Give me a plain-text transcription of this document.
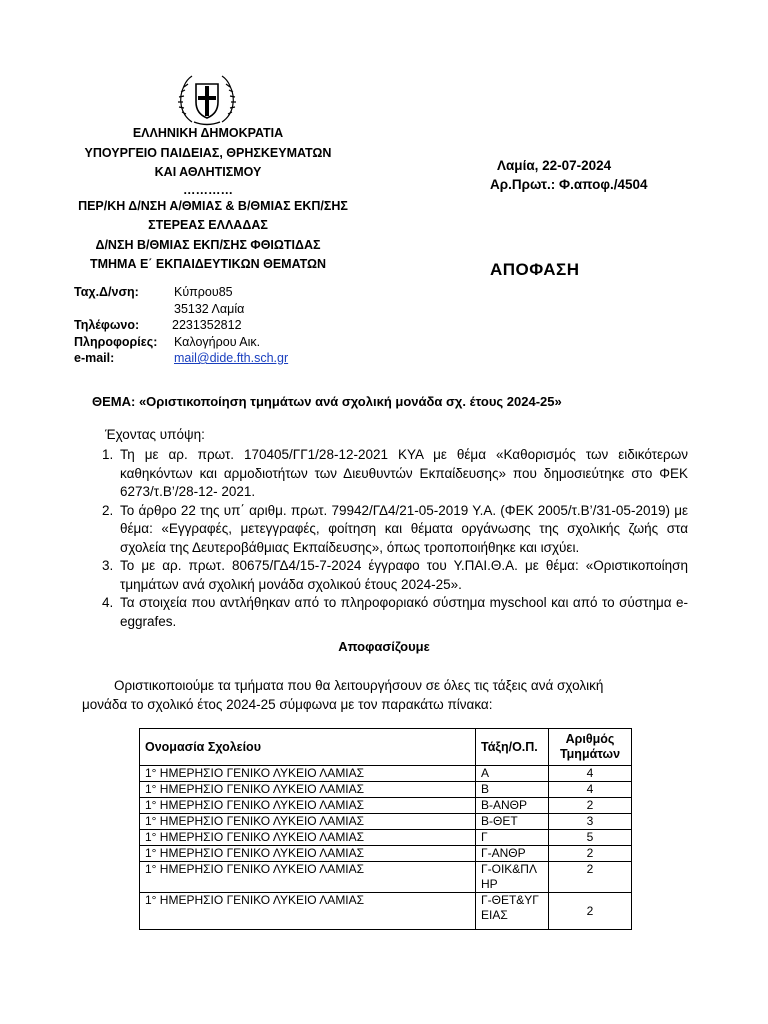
ΕΛΛΗΝΙΚΗ ΔΗΜΟΚΡΑΤΙΑ
ΥΠΟΥΡΓΕΙΟ ΠΑΙΔΕΙΑΣ, ΘΡΗΣΚΕΥΜΑΤΩΝ
ΚΑΙ ΑΘΛΗΤΙΣΜΟΥ
…………
ΠΕΡ/ΚΗ Δ/ΝΣΗ Α/ΘΜΙΑΣ & Β/ΘΜΙΑΣ ΕΚΠ/ΣΗΣ
ΣΤΕΡΕΑΣ ΕΛΛΑΔΑΣ
Δ/ΝΣΗ Β/ΘΜΙΑΣ ΕΚΠ/ΣΗΣ ΦΘΙΩΤΙΔΑΣ
ΤΜΗΜΑ Ε΄ ΕΚΠΑΙΔΕΥΤΙΚΩΝ ΘΕΜΑΤΩΝ
Λαμία, 22-07-2024
Αρ.Πρωτ.: Φ.αποφ./4504
ΑΠΟΦΑΣΗ
Ταχ.Δ/νση:	Κύπρου85
35132 Λαμία
Τηλέφωνο:	2231352812
Πληροφορίες: Καλογήρου Αικ.
e-mail:	mail@dide.fth.sch.gr
ΘΕΜΑ: «Οριστικοποίηση τμημάτων ανά σχολική μονάδα σχ. έτους 2024-25»
Έχοντας υπόψη:
1. Τη με αρ. πρωτ. 170405/ΓΓ1/28-12-2021 ΚΥΑ με θέμα «Καθορισμός των ειδικότερων καθηκόντων και αρμοδιοτήτων των Διευθυντών Εκπαίδευσης» που δημοσιεύτηκε στο ΦΕΚ 6273/τ.Β’/28-12- 2021.
2. Το άρθρο 22 της υπ΄ αριθμ. πρωτ. 79942/ΓΔ4/21-05-2019 Υ.Α. (ΦΕΚ 2005/τ.Β’/31-05-2019) με θέμα: «Εγγραφές, μετεγγραφές, φοίτηση και θέματα οργάνωσης της σχολικής ζωής στα σχολεία της Δευτεροβάθμιας Εκπαίδευσης», όπως τροποποιήθηκε και ισχύει.
3. Το με αρ. πρωτ. 80675/ΓΔ4/15-7-2024 έγγραφο του Υ.ΠΑΙ.Θ.Α. με θέμα: «Οριστικοποίηση τμημάτων ανά σχολική μονάδα σχολικού έτους 2024-25».
4. Τα στοιχεία που αντλήθηκαν από το πληροφοριακό σύστημα myschool και από το σύστημα e-eggrafes.
Αποφασίζουμε
Οριστικοποιούμε τα τμήματα που θα λειτουργήσουν σε όλες τις τάξεις ανά σχολική
μονάδα το σχολικό έτος 2024-25 σύμφωνα με τον παρακάτω πίνακα:
Ονομασία Σχολείου	Τάξη/Ο.Π.	Αριθμός Τμημάτων
1° ΗΜΕΡΗΣΙΟ ΓΕΝΙΚΟ ΛΥΚΕΙΟ ΛΑΜΙΑΣ	Α	4
1° ΗΜΕΡΗΣΙΟ ΓΕΝΙΚΟ ΛΥΚΕΙΟ ΛΑΜΙΑΣ	Β	4
1° ΗΜΕΡΗΣΙΟ ΓΕΝΙΚΟ ΛΥΚΕΙΟ ΛΑΜΙΑΣ	Β-ΑΝΘΡ	2
1° ΗΜΕΡΗΣΙΟ ΓΕΝΙΚΟ ΛΥΚΕΙΟ ΛΑΜΙΑΣ	Β-ΘΕΤ	3
1° ΗΜΕΡΗΣΙΟ ΓΕΝΙΚΟ ΛΥΚΕΙΟ ΛΑΜΙΑΣ	Γ	5
1° ΗΜΕΡΗΣΙΟ ΓΕΝΙΚΟ ΛΥΚΕΙΟ ΛΑΜΙΑΣ	Γ-ΑΝΘΡ	2
1° ΗΜΕΡΗΣΙΟ ΓΕΝΙΚΟ ΛΥΚΕΙΟ ΛΑΜΙΑΣ	Γ-ΟΙΚ&ΠΛΗΡ	2
1° ΗΜΕΡΗΣΙΟ ΓΕΝΙΚΟ ΛΥΚΕΙΟ ΛΑΜΙΑΣ	Γ-ΘΕΤ&ΥΓΕΙΑΣ	2
